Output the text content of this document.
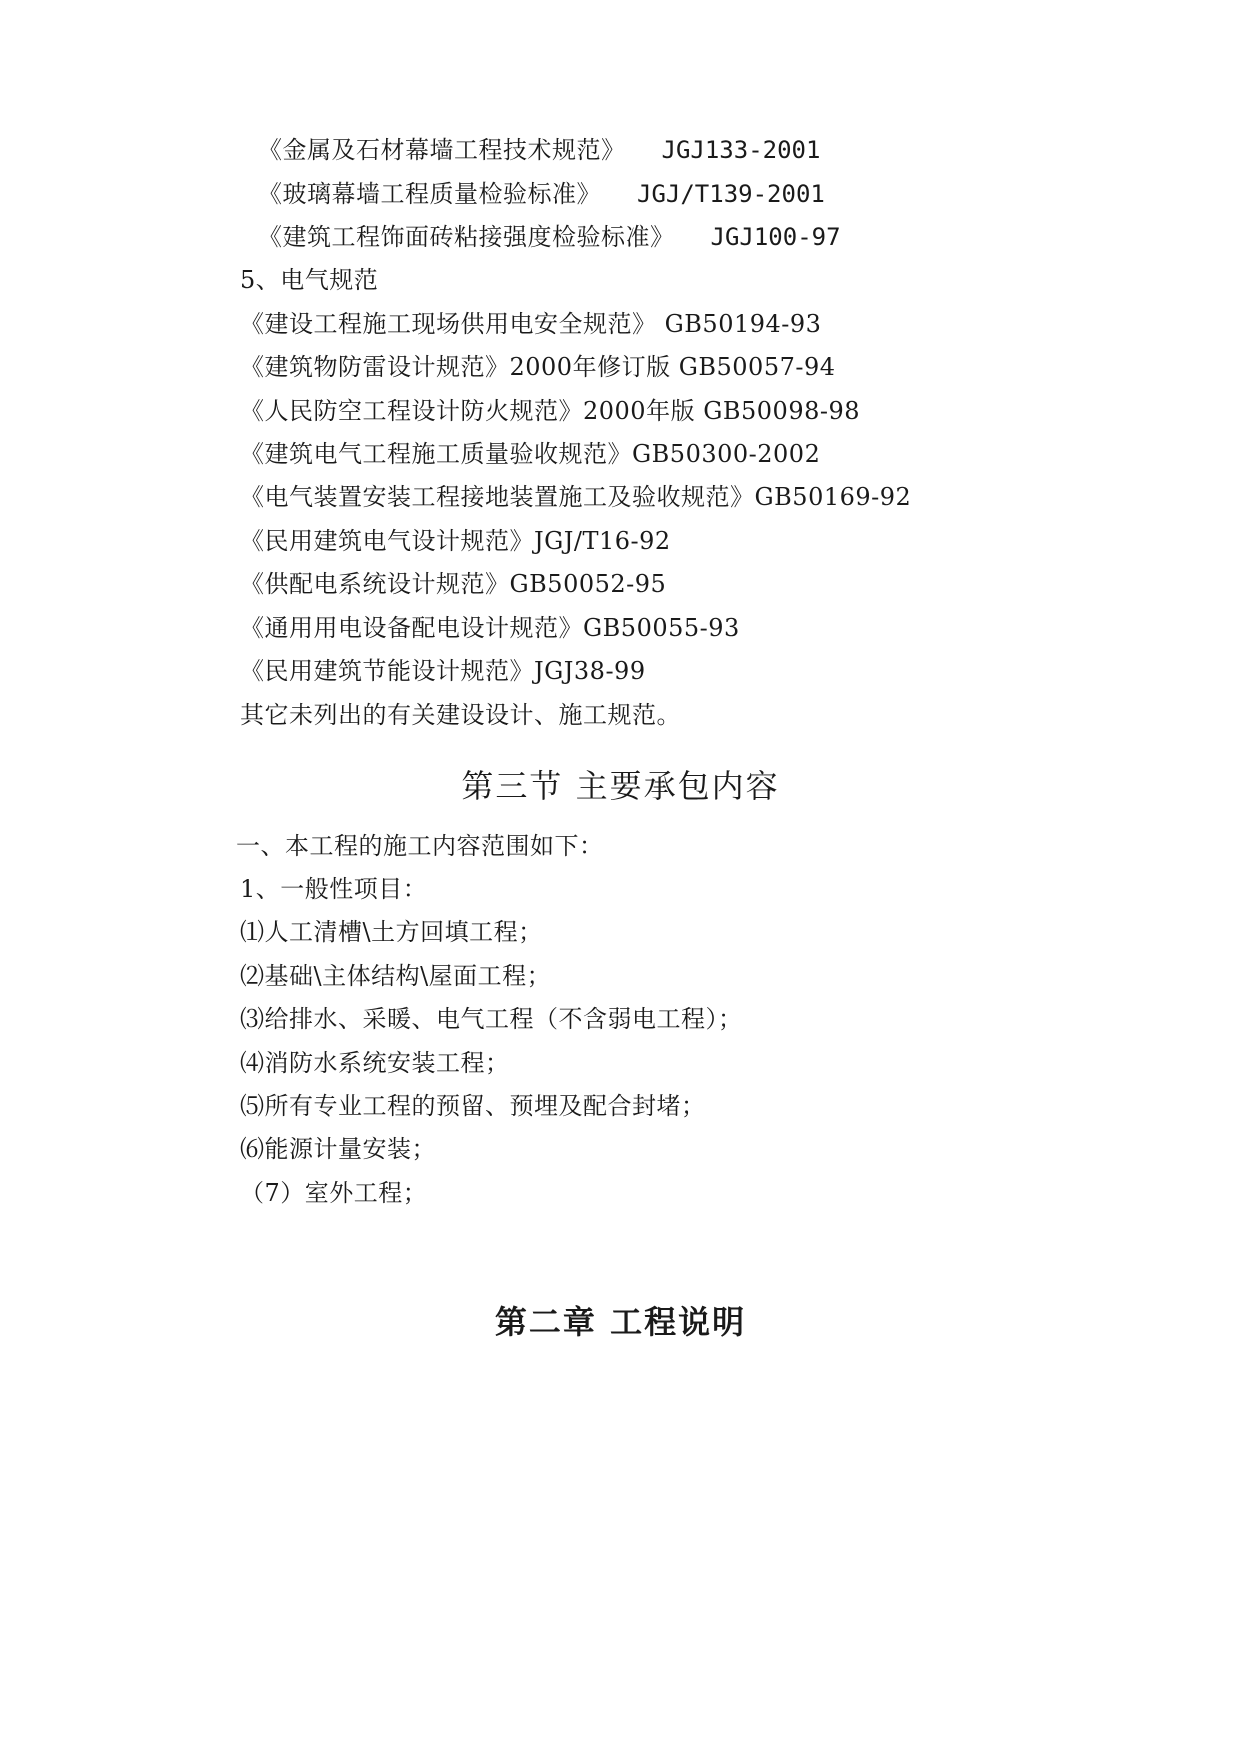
《金属及石材幕墙工程技术规范》 JGJ133-2001
《玻璃幕墙工程质量检验标准》 JGJ/T139-2001
《建筑工程饰面砖粘接强度检验标准》 JGJ100-97
5、电气规范
《建设工程施工现场供用电安全规范》 GB50194-93
《建筑物防雷设计规范》2000年修订版 GB50057-94
《人民防空工程设计防火规范》2000年版 GB50098-98
《建筑电气工程施工质量验收规范》GB50300-2002
《电气装置安装工程接地装置施工及验收规范》GB50169-92
《民用建筑电气设计规范》JGJ/T16-92
《供配电系统设计规范》GB50052-95
《通用用电设备配电设计规范》GB50055-93
《民用建筑节能设计规范》JGJ38-99
其它未列出的有关建设设计、施工规范。
第三节 主要承包内容
一、本工程的施工内容范围如下：
1、一般性项目：
⑴人工清槽\土方回填工程；
⑵基础\主体结构\屋面工程；
⑶给排水、采暖、电气工程（不含弱电工程）；
⑷消防水系统安装工程；
⑸所有专业工程的预留、预埋及配合封堵；
⑹能源计量安装；
（7）室外工程；
第二章 工程说明
